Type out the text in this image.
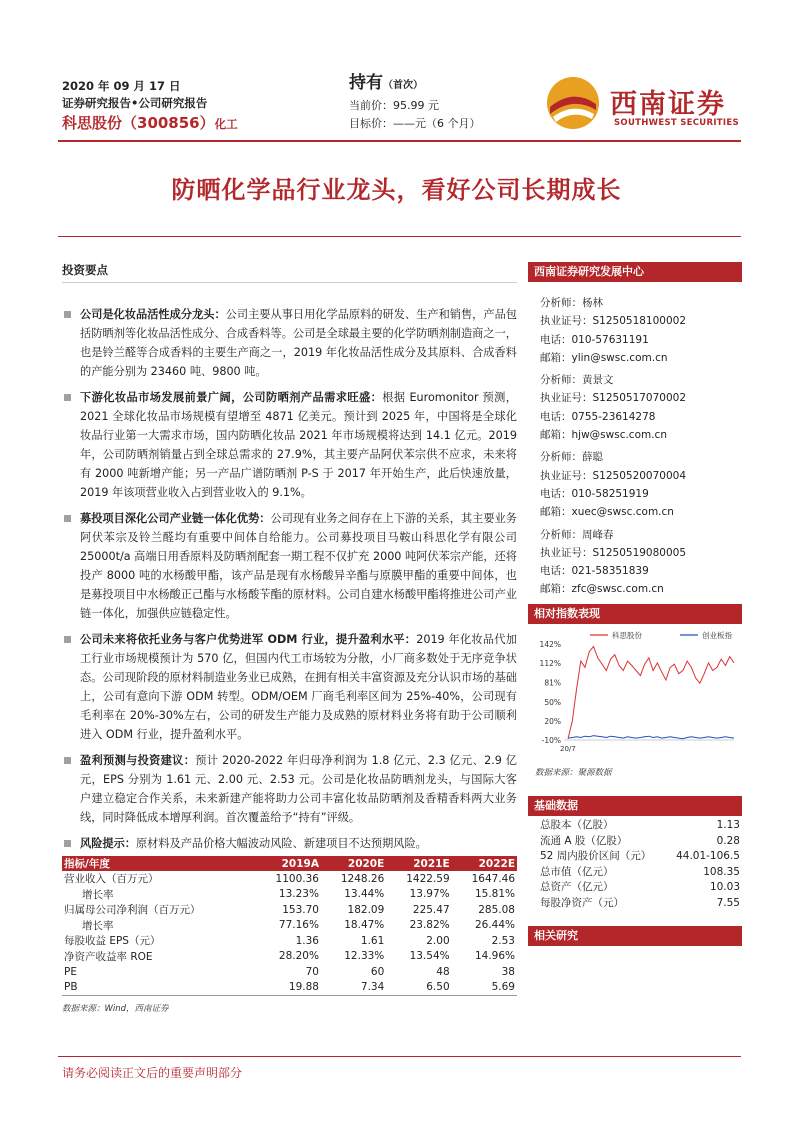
2020 年 09 月 17 日
证券研究报告•公司研究报告
科思股份（300856）化工
持有（首次）
当前价：95.99 元
目标价：——元（6 个月）
西南证券
SOUTHWEST SECURITIES
防晒化学品行业龙头，看好公司长期成长
投资要点
公司是化妆品活性成分龙头：公司主要从事日用化学品原料的研发、生产和销售，产品包括防晒剂等化妆品活性成分、合成香料等。公司是全球最主要的化学防晒剂制造商之一，也是铃兰醛等合成香料的主要生产商之一，2019 年化妆品活性成分及其原料、合成香料的产能分别为 23460 吨、9800 吨。
下游化妆品市场发展前景广阔，公司防晒剂产品需求旺盛：根据 Euromonitor 预测，2021 全球化妆品市场规模有望增至 4871 亿美元。预计到 2025 年，中国将是全球化妆品行业第一大需求市场，国内防晒化妆品 2021 年市场规模将达到 14.1 亿元。2019 年，公司防晒剂销量占到全球总需求的 27.9%，其主要产品阿伏苯宗供不应求，未来将有 2000 吨新增产能；另一产品广谱防晒剂 P-S 于 2017 年开始生产，此后快速放量，2019 年该项营业收入占到营业收入的 9.1%。
募投项目深化公司产业链一体化优势：公司现有业务之间存在上下游的关系，其主要业务阿伏苯宗及铃兰醛均有重要中间体自给能力。公司募投项目马鞍山科思化学有限公司 25000t/a 高端日用香原料及防晒剂配套一期工程不仅扩充 2000 吨阿伏苯宗产能，还将投产 8000 吨的水杨酸甲酯，该产品是现有水杨酸异辛酯与原膜甲酯的重要中间体，也是募投项目中水杨酸正己酯与水杨酸苄酯的原材料。公司自建水杨酸甲酯将推进公司产业链一体化，加强供应链稳定性。
公司未来将依托业务与客户优势进军 ODM 行业，提升盈利水平：2019 年化妆品代加工行业市场规模预计为 570 亿，但国内代工市场较为分散，小厂商多数处于无序竞争状态。公司现阶段的原材料制造业务业已成熟，在拥有相关丰富资源及充分认识市场的基础上，公司有意向下游 ODM 转型。ODM/OEM 厂商毛利率区间为 25%-40%，公司现有毛利率在 20%-30%左右，公司的研发生产能力及成熟的原材料业务将有助于公司顺利进入 ODM 行业，提升盈利水平。
盈利预测与投资建议：预计 2020-2022 年归母净利润为 1.8 亿元、2.3 亿元、2.9 亿元，EPS 分别为 1.61 元、2.00 元、2.53 元。公司是化妆品防晒剂龙头，与国际大客户建立稳定合作关系，未来新建产能将助力公司丰富化妆品防晒剂及香精香料两大业务线，同时降低成本增厚利润。首次覆盖给予“持有”评级。
风险提示：原材料及产品价格大幅波动风险、新建项目不达预期风险。
指标/年度	2019A	2020E	2021E	2022E
营业收入（百万元）	1100.36	1248.26	1422.59	1647.46
增长率	13.23%	13.44%	13.97%	15.81%
归属母公司净利润（百万元）	153.70	182.09	225.47	285.08
增长率	77.16%	18.47%	23.82%	26.44%
每股收益 EPS（元）	1.36	1.61	2.00	2.53
净资产收益率 ROE	28.20%	12.33%	13.54%	14.96%
PE	70	60	48	38
PB	19.88	7.34	6.50	5.69
数据来源：Wind，西南证券
西南证券研究发展中心
分析师：杨林
执业证号：S1250518100002
电话：010-57631191
邮箱：ylin@swsc.com.cn
分析师：黄景文
执业证号：S1250517070002
电话：0755-23614278
邮箱：hjw@swsc.com.cn
分析师：薛聪
执业证号：S1250520070004
电话：010-58251919
邮箱：xuec@swsc.com.cn
分析师：周峰春
执业证号：S1250519080005
电话：021-58351839
邮箱：zfc@swsc.com.cn
相对指数表现
142%
112%
81%
50%
20%
-10%
20/7
科思股份	创业板指
数据来源：聚源数据
基础数据
总股本（亿股）	1.13
流通 A 股（亿股）	0.28
52 周内股价区间（元） 44.01-106.5
总市值（亿元）	108.35
总资产（亿元）	10.03
每股净资产（元）	7.55
相关研究
请务必阅读正文后的重要声明部分
